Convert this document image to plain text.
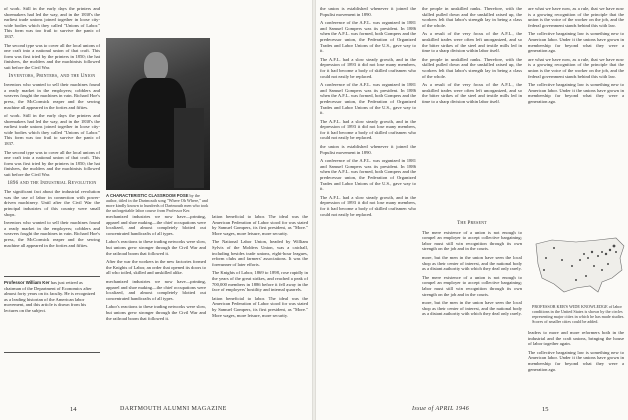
of work. Still in the early days the printers and shoemakers had led the way, and in the 1830's the earliest trade unions joined together in loose city-wide bodies which they called "Unions of Labor." This form was too frail to survive the panic of 1837.

The second type was to cover all the local unions of one craft into a national union of that craft. This form was first tried by the printers in 1850; the hat finishers, the molders and the machinists followed suit before the Civil War.

Inventors, Printers, and the Union

Inventors who wanted to sell their machines found a ready market in the employers; cobblers and weavers fought the machines in vain. Richard Hoe's press, the McCormick reaper and the sewing machine all appeared in the forties and fifties.

of work. Still in the early days the printers and shoemakers had led the way, and in the 1830's the earliest trade unions joined together in loose city-wide bodies which they called "Unions of Labor." This form was too frail to survive the panic of 1837.

The second type was to cover all the local unions of one craft into a national union of that craft. This form was first tried by the printers in 1850; the hat finishers, the molders and the machinists followed suit before the Civil War.

1896 and the Industrial Revolution

The significant fact about the industrial revolution was the use of labor in connection with power-driven machinery. Until after the Civil War the principal industries of this country were small shops.

Inventors who wanted to sell their machines found a ready market in the employers; cobblers and weavers fought the machines in vain. Richard Hoe's press, the McCormick reaper and the sewing machine all appeared in the forties and fifties.

Professor William Ker has just retired as chairman of the Department of Economics after almost forty years on its faculty. He is recognized as a leading historian of the American labor movement, and this article is drawn from his lectures on the subject.
A CHARACTERISTIC CLASSROOM POSE by the author, titled in the Dartmouth song "Where Oh Where," and more kindly known to hundreds of Dartmouth men who took the unforgettable labor course from Professor Ker.

mechanized industries we now have—printing, apparel and shoe making—the chief occupations were localized, and almost completely blotted out concentrated handicrafts of all types.

Labor's reactions to these trading networks were slow, but unions grew stronger through the Civil War and the railroad boom that followed it.

After the war the workers in the new factories formed the Knights of Labor, an order that opened its doors to all who toiled, skilled and unskilled alike.

mechanized industries we now have—printing, apparel and shoe making—the chief occupations were localized, and almost completely blotted out concentrated handicrafts of all types.

Labor's reactions to these trading networks were slow, but unions grew stronger through the Civil War and the railroad boom that followed it.

lation beneficial to labor. The ideal was the American Federation of Labor stood for was stated by Samuel Gompers, its first president, as "More." More wages, more leisure, more security.

The National Labor Union, headed by William Sylvis of the Molders Union, was a catchall, including besides trade unions, eight-hour leagues, reform clubs and farmers' associations. It was the forerunner of later efforts.

The Knights of Labor, 1869 to 1898, rose rapidly in the years of the great strikes, and reached a peak of 700,000 members in 1886 before it fell away in the face of employers' hostility and internal quarrels.

lation beneficial to labor. The ideal was the American Federation of Labor stood for was stated by Samuel Gompers, its first president, as "More." More wages, more leisure, more security.

14	DARTMOUTH ALUMNI MAGAZINE

the union is established whenever it joined the Populist movement in 1890.

A conference of the A.F.L. was organized in 1881 and Samuel Gompers was its president. In 1886 when the A.F.L. was formed, both Gompers and the predecessor union, the Federation of Organized Trades and Labor Unions of the U.S., gave way to it.

The A.F.L. had a slow steady growth, and in the depression of 1893 it did not lose many members, for it had become a body of skilled craftsmen who could not easily be replaced.

A conference of the A.F.L. was organized in 1881 and Samuel Gompers was its president. In 1886 when the A.F.L. was formed, both Gompers and the predecessor union, the Federation of Organized Trades and Labor Unions of the U.S., gave way to it.

The A.F.L. had a slow steady growth, and in the depression of 1893 it did not lose many members, for it had become a body of skilled craftsmen who could not easily be replaced.

the union is established whenever it joined the Populist movement in 1890.

A conference of the A.F.L. was organized in 1881 and Samuel Gompers was its president. In 1886 when the A.F.L. was formed, both Gompers and the predecessor union, the Federation of Organized Trades and Labor Unions of the U.S., gave way to it.

The A.F.L. had a slow steady growth, and in the depression of 1893 it did not lose many members, for it had become a body of skilled craftsmen who could not easily be replaced.

the people in unskilled ranks. Therefore, with the skilled pulled down and the unskilled raised up, the workers felt that labor's strength lay in being a class of the whole.

As a result of the very focus of the A.F.L., the unskilled trades were often left unorganized, and so the bitter strikes of the steel and textile mills led in time to a sharp division within labor itself.

the people in unskilled ranks. Therefore, with the skilled pulled down and the unskilled raised up, the workers felt that labor's strength lay in being a class of the whole.

As a result of the very focus of the A.F.L., the unskilled trades were often left unorganized, and so the bitter strikes of the steel and textile mills led in time to a sharp division within labor itself.

The Present

The mere existence of a union is not enough to compel an employer to accept collective bargaining; labor must still win recognition through its own strength on the job and in the courts.

more, but the men in the union have seen the local shop as their center of interest, and the national body as a distant authority with which they deal only rarely.

The mere existence of a union is not enough to compel an employer to accept collective bargaining; labor must still win recognition through its own strength on the job and in the courts.

more, but the men in the union have seen the local shop as their center of interest, and the national body as a distant authority with which they deal only rarely.

are what we have now, as a rule, that we have now is a growing recognition of the principle that the union is the voice of the worker on the job, and the federal government stands behind this with law.

The collective bargaining law is something new to American labor. Under it the unions have grown in membership far beyond what they were a generation ago.

are what we have now, as a rule, that we have now is a growing recognition of the principle that the union is the voice of the worker on the job, and the federal government stands behind this with law.

The collective bargaining law is something new to American labor. Under it the unions have grown in membership far beyond what they were a generation ago.

PROFESSOR KER'S WIDE KNOWLEDGE of labor conditions in the United States is shown by the circles representing major cities in which he has made studies. Scores of smaller cities could be added.

leaders to more and more reformers both in the industrial and the craft unions, bringing the house of labor together again.

The collective bargaining law is something new to American labor. Under it the unions have grown in membership far beyond what they were a generation ago.

Issue of APRIL 1946	15
